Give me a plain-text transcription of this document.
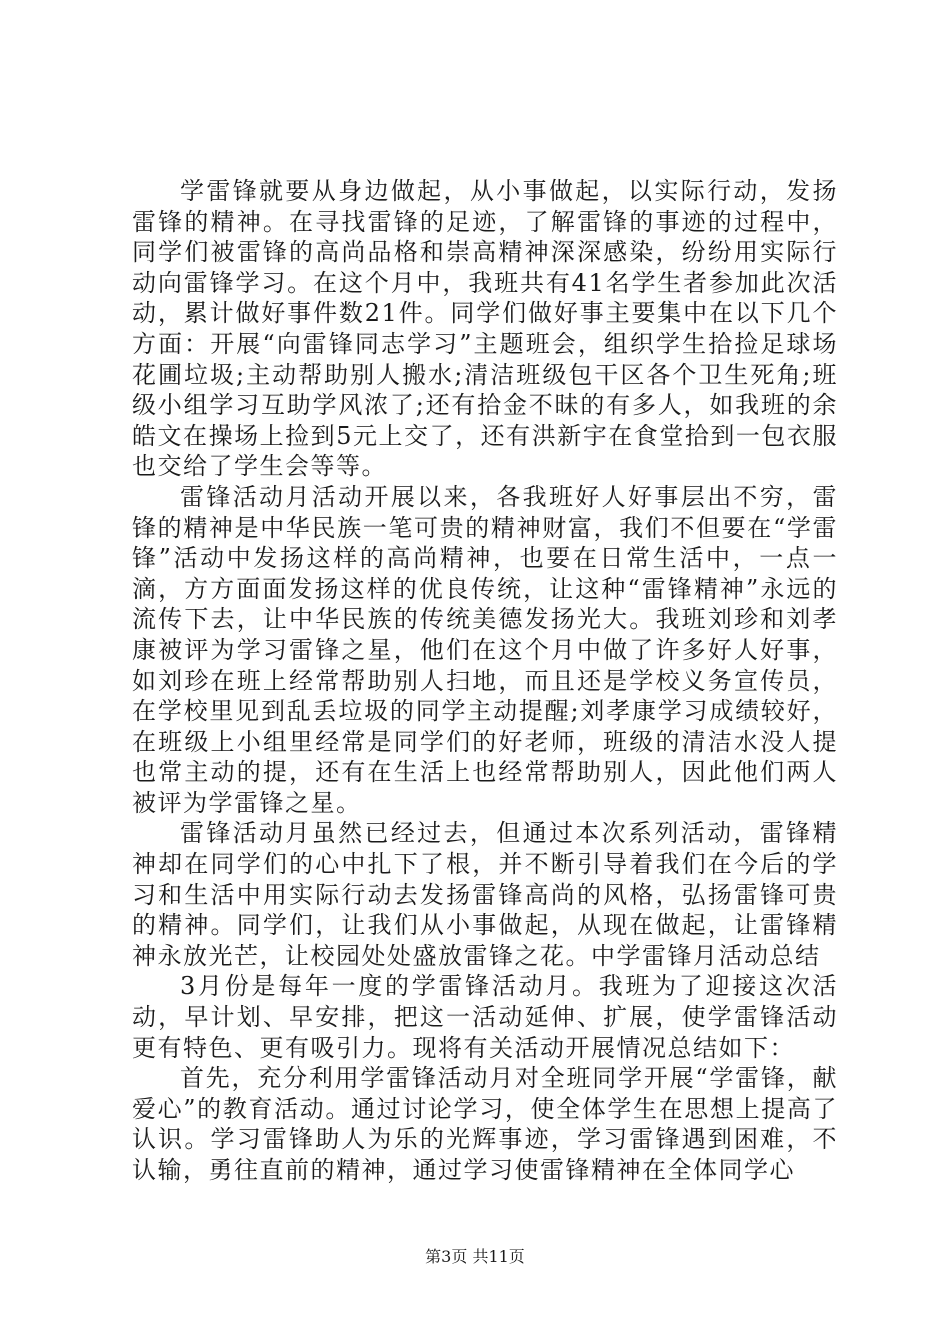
学雷锋就要从身边做起，从小事做起，以实际行动，发扬雷锋的精神。在寻找雷锋的足迹，了解雷锋的事迹的过程中，同学们被雷锋的高尚品格和崇高精神深深感染，纷纷用实际行动向雷锋学习。在这个月中，我班共有41名学生者参加此次活动，累计做好事件数21件。同学们做好事主要集中在以下几个方面：开展“向雷锋同志学习”主题班会，组织学生拾捡足球场花圃垃圾;主动帮助别人搬水;清洁班级包干区各个卫生死角;班级小组学习互助学风浓了;还有拾金不昧的有多人，如我班的余皓文在操场上捡到5元上交了，还有洪新宇在食堂拾到一包衣服也交给了学生会等等。

雷锋活动月活动开展以来，各我班好人好事层出不穷，雷锋的精神是中华民族一笔可贵的精神财富，我们不但要在“学雷锋”活动中发扬这样的高尚精神，也要在日常生活中，一点一滴，方方面面发扬这样的优良传统，让这种“雷锋精神”永远的流传下去，让中华民族的传统美德发扬光大。我班刘珍和刘孝康被评为学习雷锋之星，他们在这个月中做了许多好人好事，如刘珍在班上经常帮助别人扫地，而且还是学校义务宣传员，在学校里见到乱丢垃圾的同学主动提醒;刘孝康学习成绩较好，在班级上小组里经常是同学们的好老师，班级的清洁水没人提也常主动的提，还有在生活上也经常帮助别人，因此他们两人被评为学雷锋之星。

雷锋活动月虽然已经过去，但通过本次系列活动，雷锋精神却在同学们的心中扎下了根，并不断引导着我们在今后的学习和生活中用实际行动去发扬雷锋高尚的风格，弘扬雷锋可贵的精神。同学们，让我们从小事做起，从现在做起，让雷锋精神永放光芒，让校园处处盛放雷锋之花。中学雷锋月活动总结

3月份是每年一度的学雷锋活动月。我班为了迎接这次活动，早计划、早安排，把这一活动延伸、扩展，使学雷锋活动更有特色、更有吸引力。现将有关活动开展情况总结如下：

首先，充分利用学雷锋活动月对全班同学开展“学雷锋，献爱心”的教育活动。通过讨论学习，使全体学生在思想上提高了认识。学习雷锋助人为乐的光辉事迹，学习雷锋遇到困难，不认输，勇往直前的精神，通过学习使雷锋精神在全体同学心

第3页 共11页
